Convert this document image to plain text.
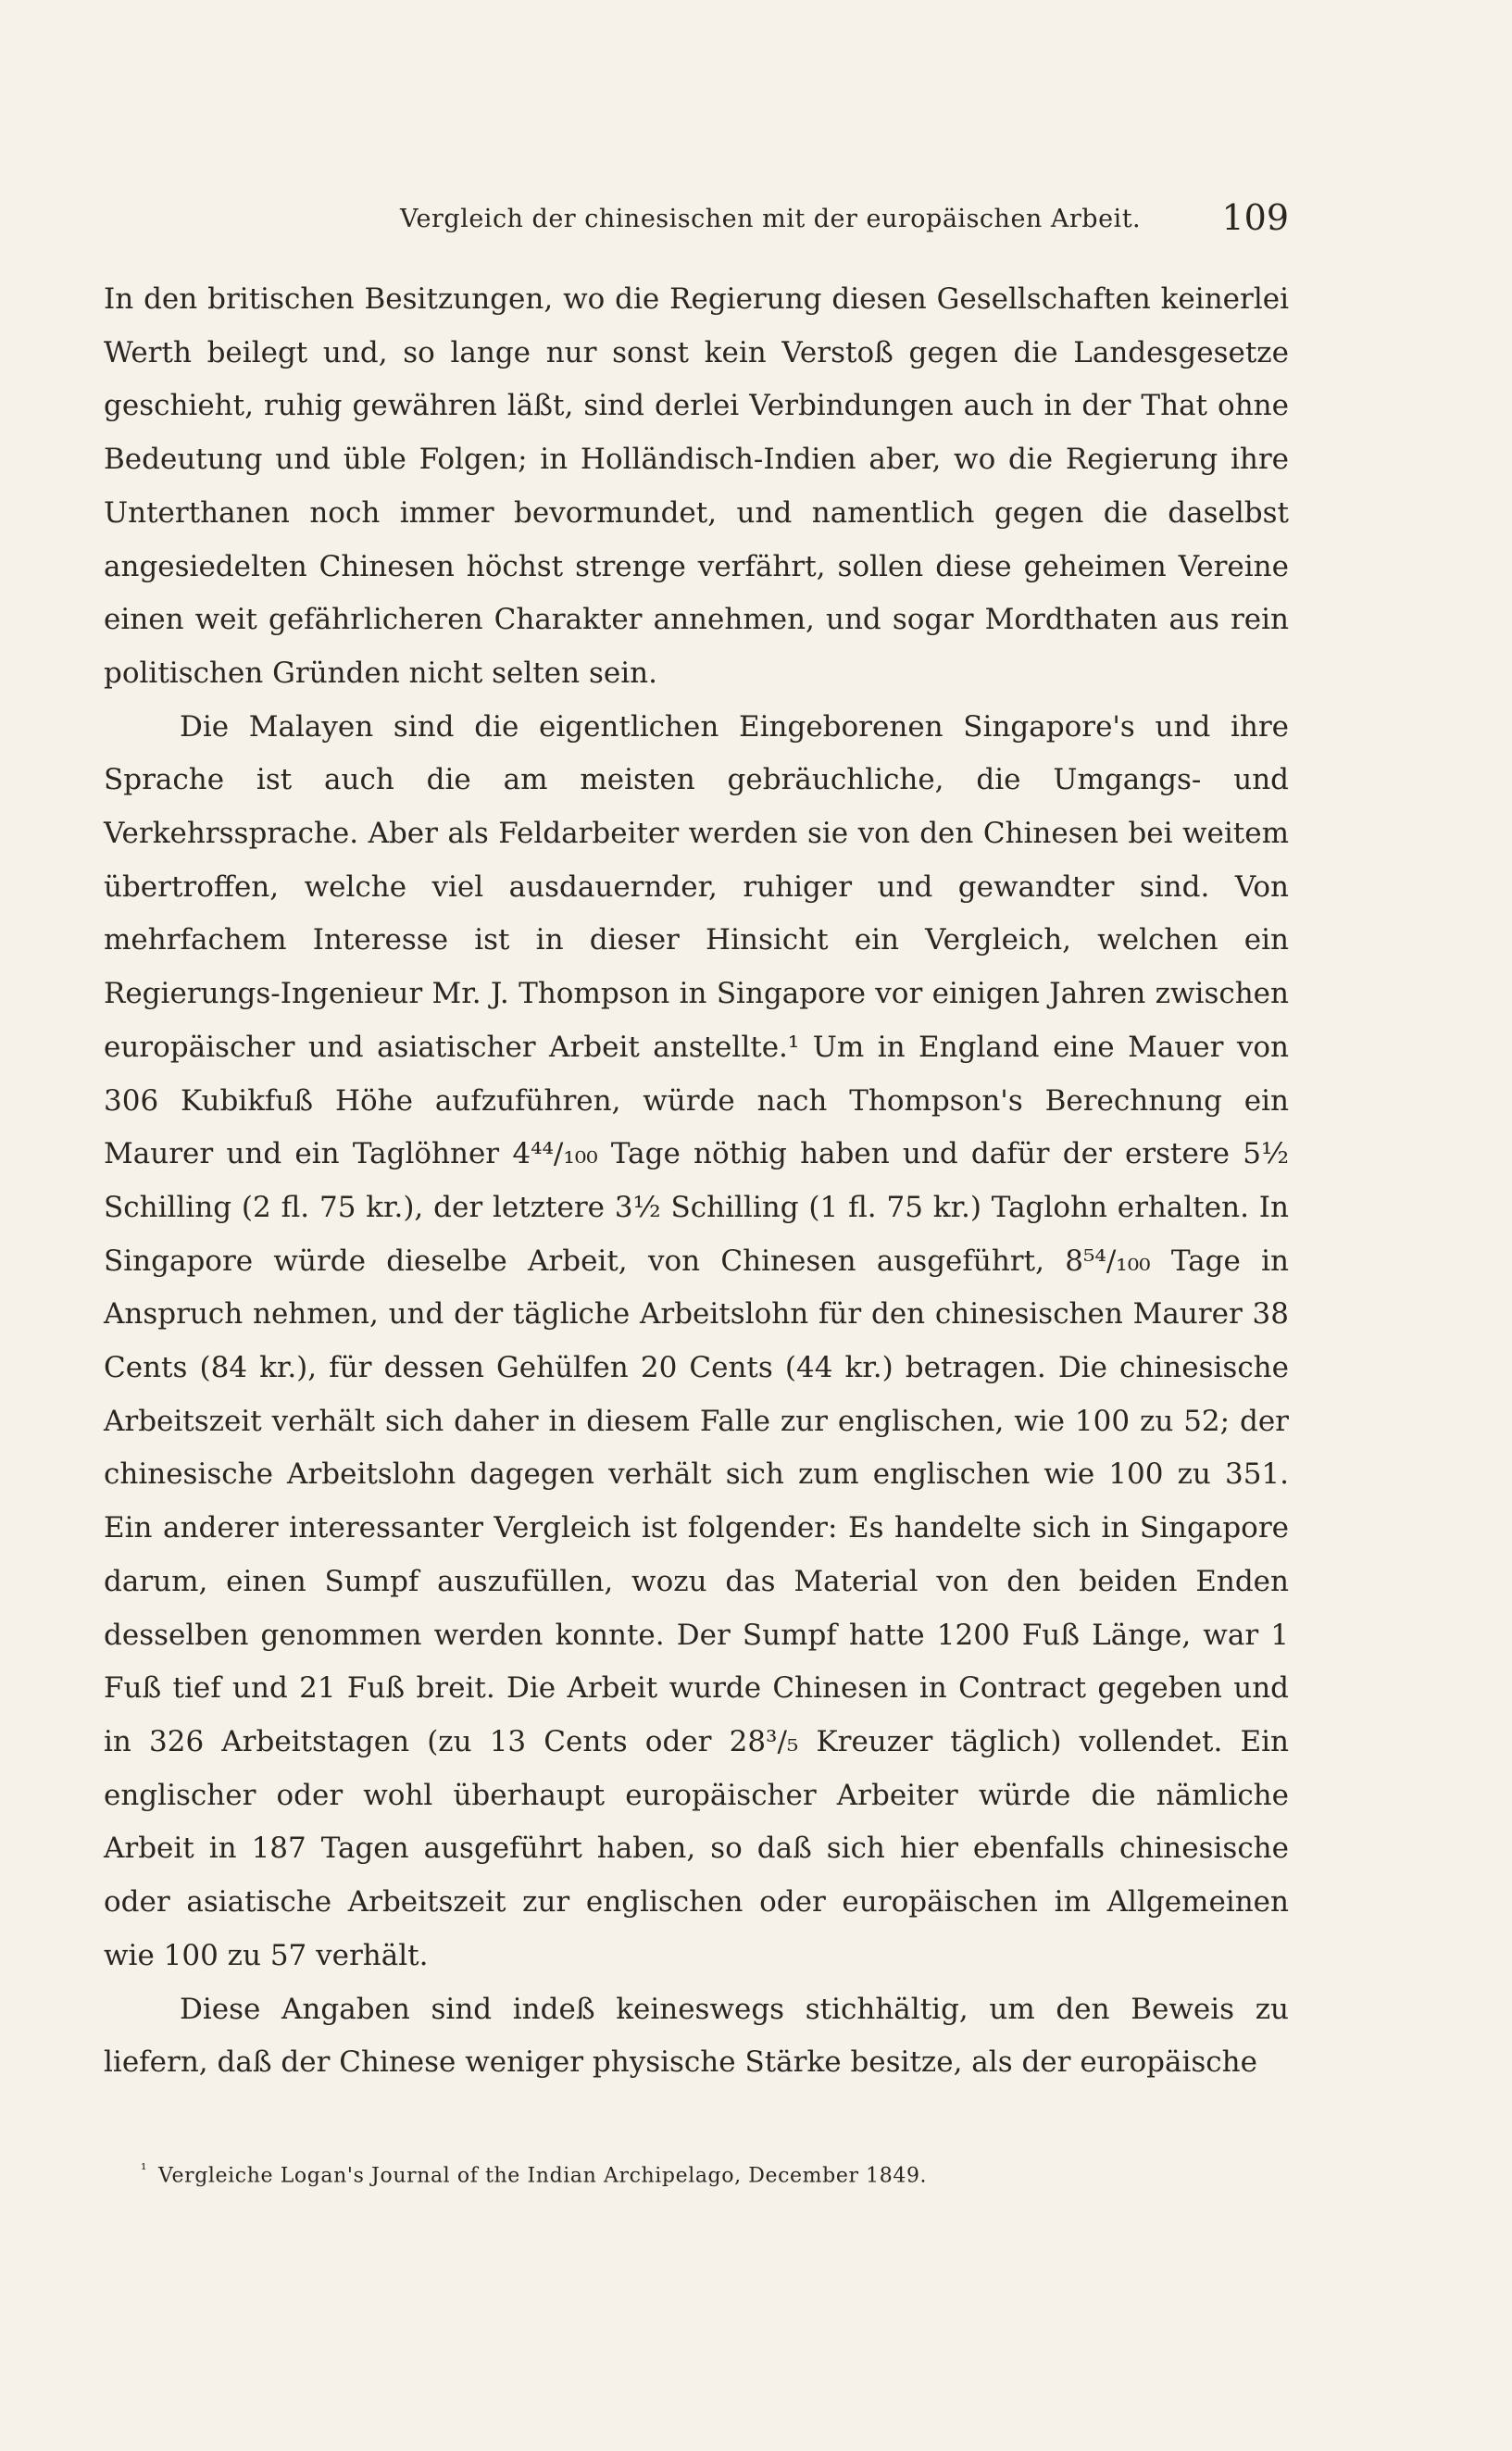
Vergleich der chinesischen mit der europäischen Arbeit. 109

In den britischen Besitzungen, wo die Regierung diesen Gesellschaften keinerlei Werth beilegt und, so lange nur sonst kein Verstoß gegen die Landesgesetze geschieht, ruhig gewähren läßt, sind derlei Verbindungen auch in der That ohne Bedeutung und üble Folgen; in Holländisch-Indien aber, wo die Regierung ihre Unterthanen noch immer bevormundet, und namentlich gegen die daselbst angesiedelten Chinesen höchst strenge verfährt, sollen diese geheimen Vereine einen weit gefährlicheren Charakter annehmen, und sogar Mordthaten aus rein politischen Gründen nicht selten sein.

Die Malayen sind die eigentlichen Eingeborenen Singapore's und ihre Sprache ist auch die am meisten gebräuchliche, die Umgangs- und Verkehrssprache. Aber als Feldarbeiter werden sie von den Chinesen bei weitem übertroffen, welche viel ausdauernder, ruhiger und gewandter sind. Von mehrfachem Interesse ist in dieser Hinsicht ein Vergleich, welchen ein Regierungs-Ingenieur Mr. J. Thompson in Singapore vor einigen Jahren zwischen europäischer und asiatischer Arbeit anstellte.¹ Um in England eine Mauer von 306 Kubikfuß Höhe aufzuführen, würde nach Thompson's Berechnung ein Maurer und ein Taglöhner 4⁴⁴/₁₀₀ Tage nöthig haben und dafür der erstere 5½ Schilling (2 fl. 75 kr.), der letztere 3½ Schilling (1 fl. 75 kr.) Taglohn erhalten. In Singapore würde dieselbe Arbeit, von Chinesen ausgeführt, 8⁵⁴/₁₀₀ Tage in Anspruch nehmen, und der tägliche Arbeitslohn für den chinesischen Maurer 38 Cents (84 kr.), für dessen Gehülfen 20 Cents (44 kr.) betragen. Die chinesische Arbeitszeit verhält sich daher in diesem Falle zur englischen, wie 100 zu 52; der chinesische Arbeitslohn dagegen verhält sich zum englischen wie 100 zu 351. Ein anderer interessanter Vergleich ist folgender: Es handelte sich in Singapore darum, einen Sumpf auszufüllen, wozu das Material von den beiden Enden desselben genommen werden konnte. Der Sumpf hatte 1200 Fuß Länge, war 1 Fuß tief und 21 Fuß breit. Die Arbeit wurde Chinesen in Contract gegeben und in 326 Arbeitstagen (zu 13 Cents oder 28³/₅ Kreuzer täglich) vollendet. Ein englischer oder wohl überhaupt europäischer Arbeiter würde die nämliche Arbeit in 187 Tagen ausgeführt haben, so daß sich hier ebenfalls chinesische oder asiatische Arbeitszeit zur englischen oder europäischen im Allgemeinen wie 100 zu 57 verhält.

Diese Angaben sind indeß keineswegs stichhältig, um den Beweis zu liefern, daß der Chinese weniger physische Stärke besitze, als der europäische

$^{^1}$ Vergleiche Logan's Journal of the Indian Archipelago, December 1849.
